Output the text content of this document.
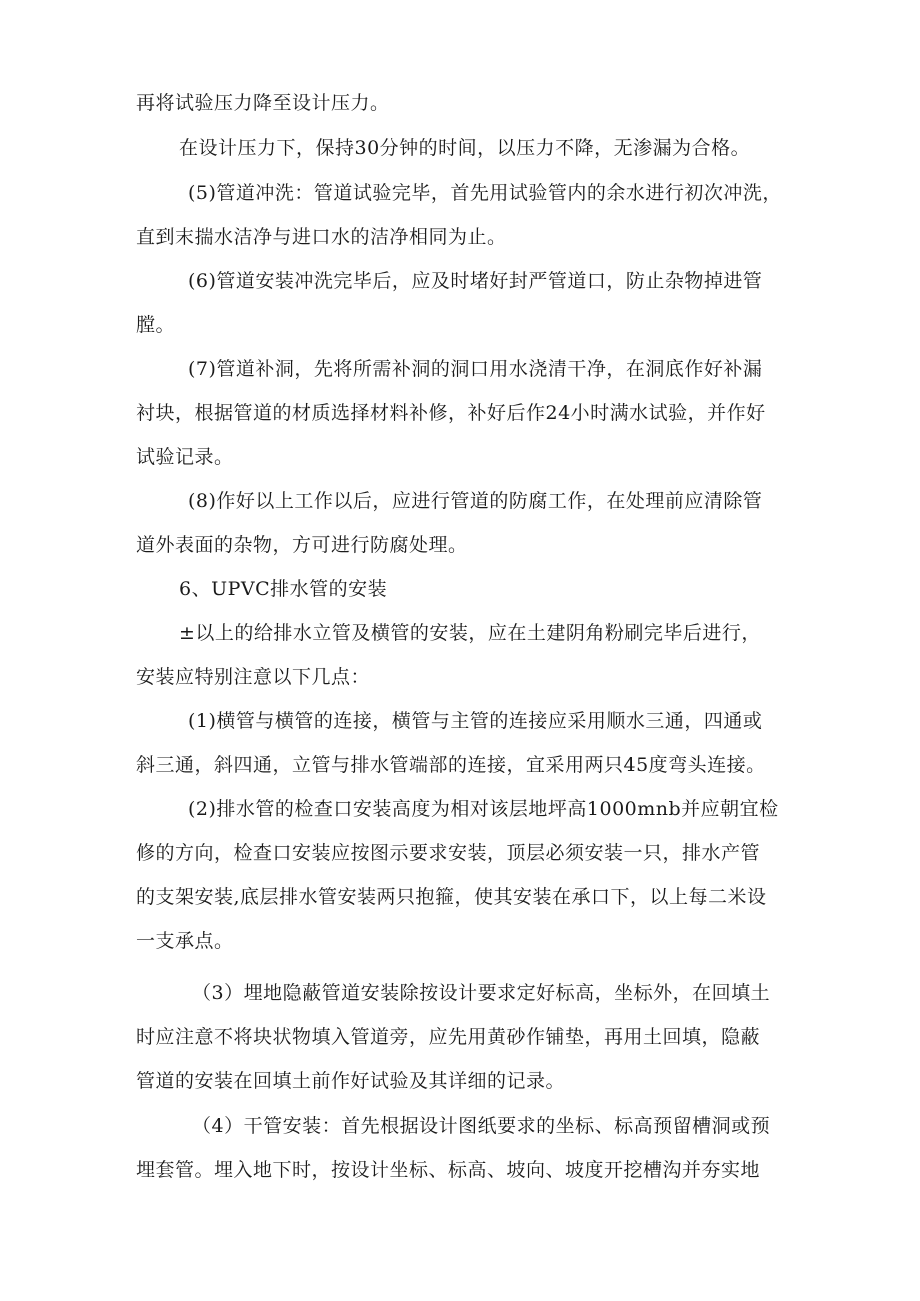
再将试验压力降至设计压力。
在设计压力下，保持30分钟的时间，以压力不降，无渗漏为合格。
(5)管道冲洗：管道试验完毕，首先用试验管内的余水进行初次冲洗，
直到末揣水洁净与进口水的洁净相同为止。
(6)管道安装冲洗完毕后，应及时堵好封严管道口，防止杂物掉进管
膛。
(7)管道补洞，先将所需补洞的洞口用水浇清干净，在洞底作好补漏
衬块，根据管道的材质选择材料补修，补好后作24小时满水试验，并作好
试验记录。
(8)作好以上工作以后，应进行管道的防腐工作，在处理前应清除管
道外表面的杂物，方可进行防腐处理。
6、UPVC排水管的安装
±以上的给排水立管及横管的安装，应在土建阴角粉刷完毕后进行，
安装应特别注意以下几点：
(1)横管与横管的连接，横管与主管的连接应采用顺水三通，四通或
斜三通，斜四通，立管与排水管端部的连接，宜采用两只45度弯头连接。
(2)排水管的检查口安装高度为相对该层地坪高1000mnb并应朝宜检
修的方向，检查口安装应按图示要求安装，顶层必须安装一只，排水产管
的支架安装,底层排水管安装两只抱箍，使其安装在承口下，以上每二米设
一支承点。
（3）埋地隐蔽管道安装除按设计要求定好标高，坐标外，在回填土
时应注意不将块状物填入管道旁，应先用黄砂作铺垫，再用土回填，隐蔽
管道的安装在回填土前作好试验及其详细的记录。
（4）干管安装：首先根据设计图纸要求的坐标、标高预留槽洞或预
埋套管。埋入地下时，按设计坐标、标高、坡向、坡度开挖槽沟并夯实地
